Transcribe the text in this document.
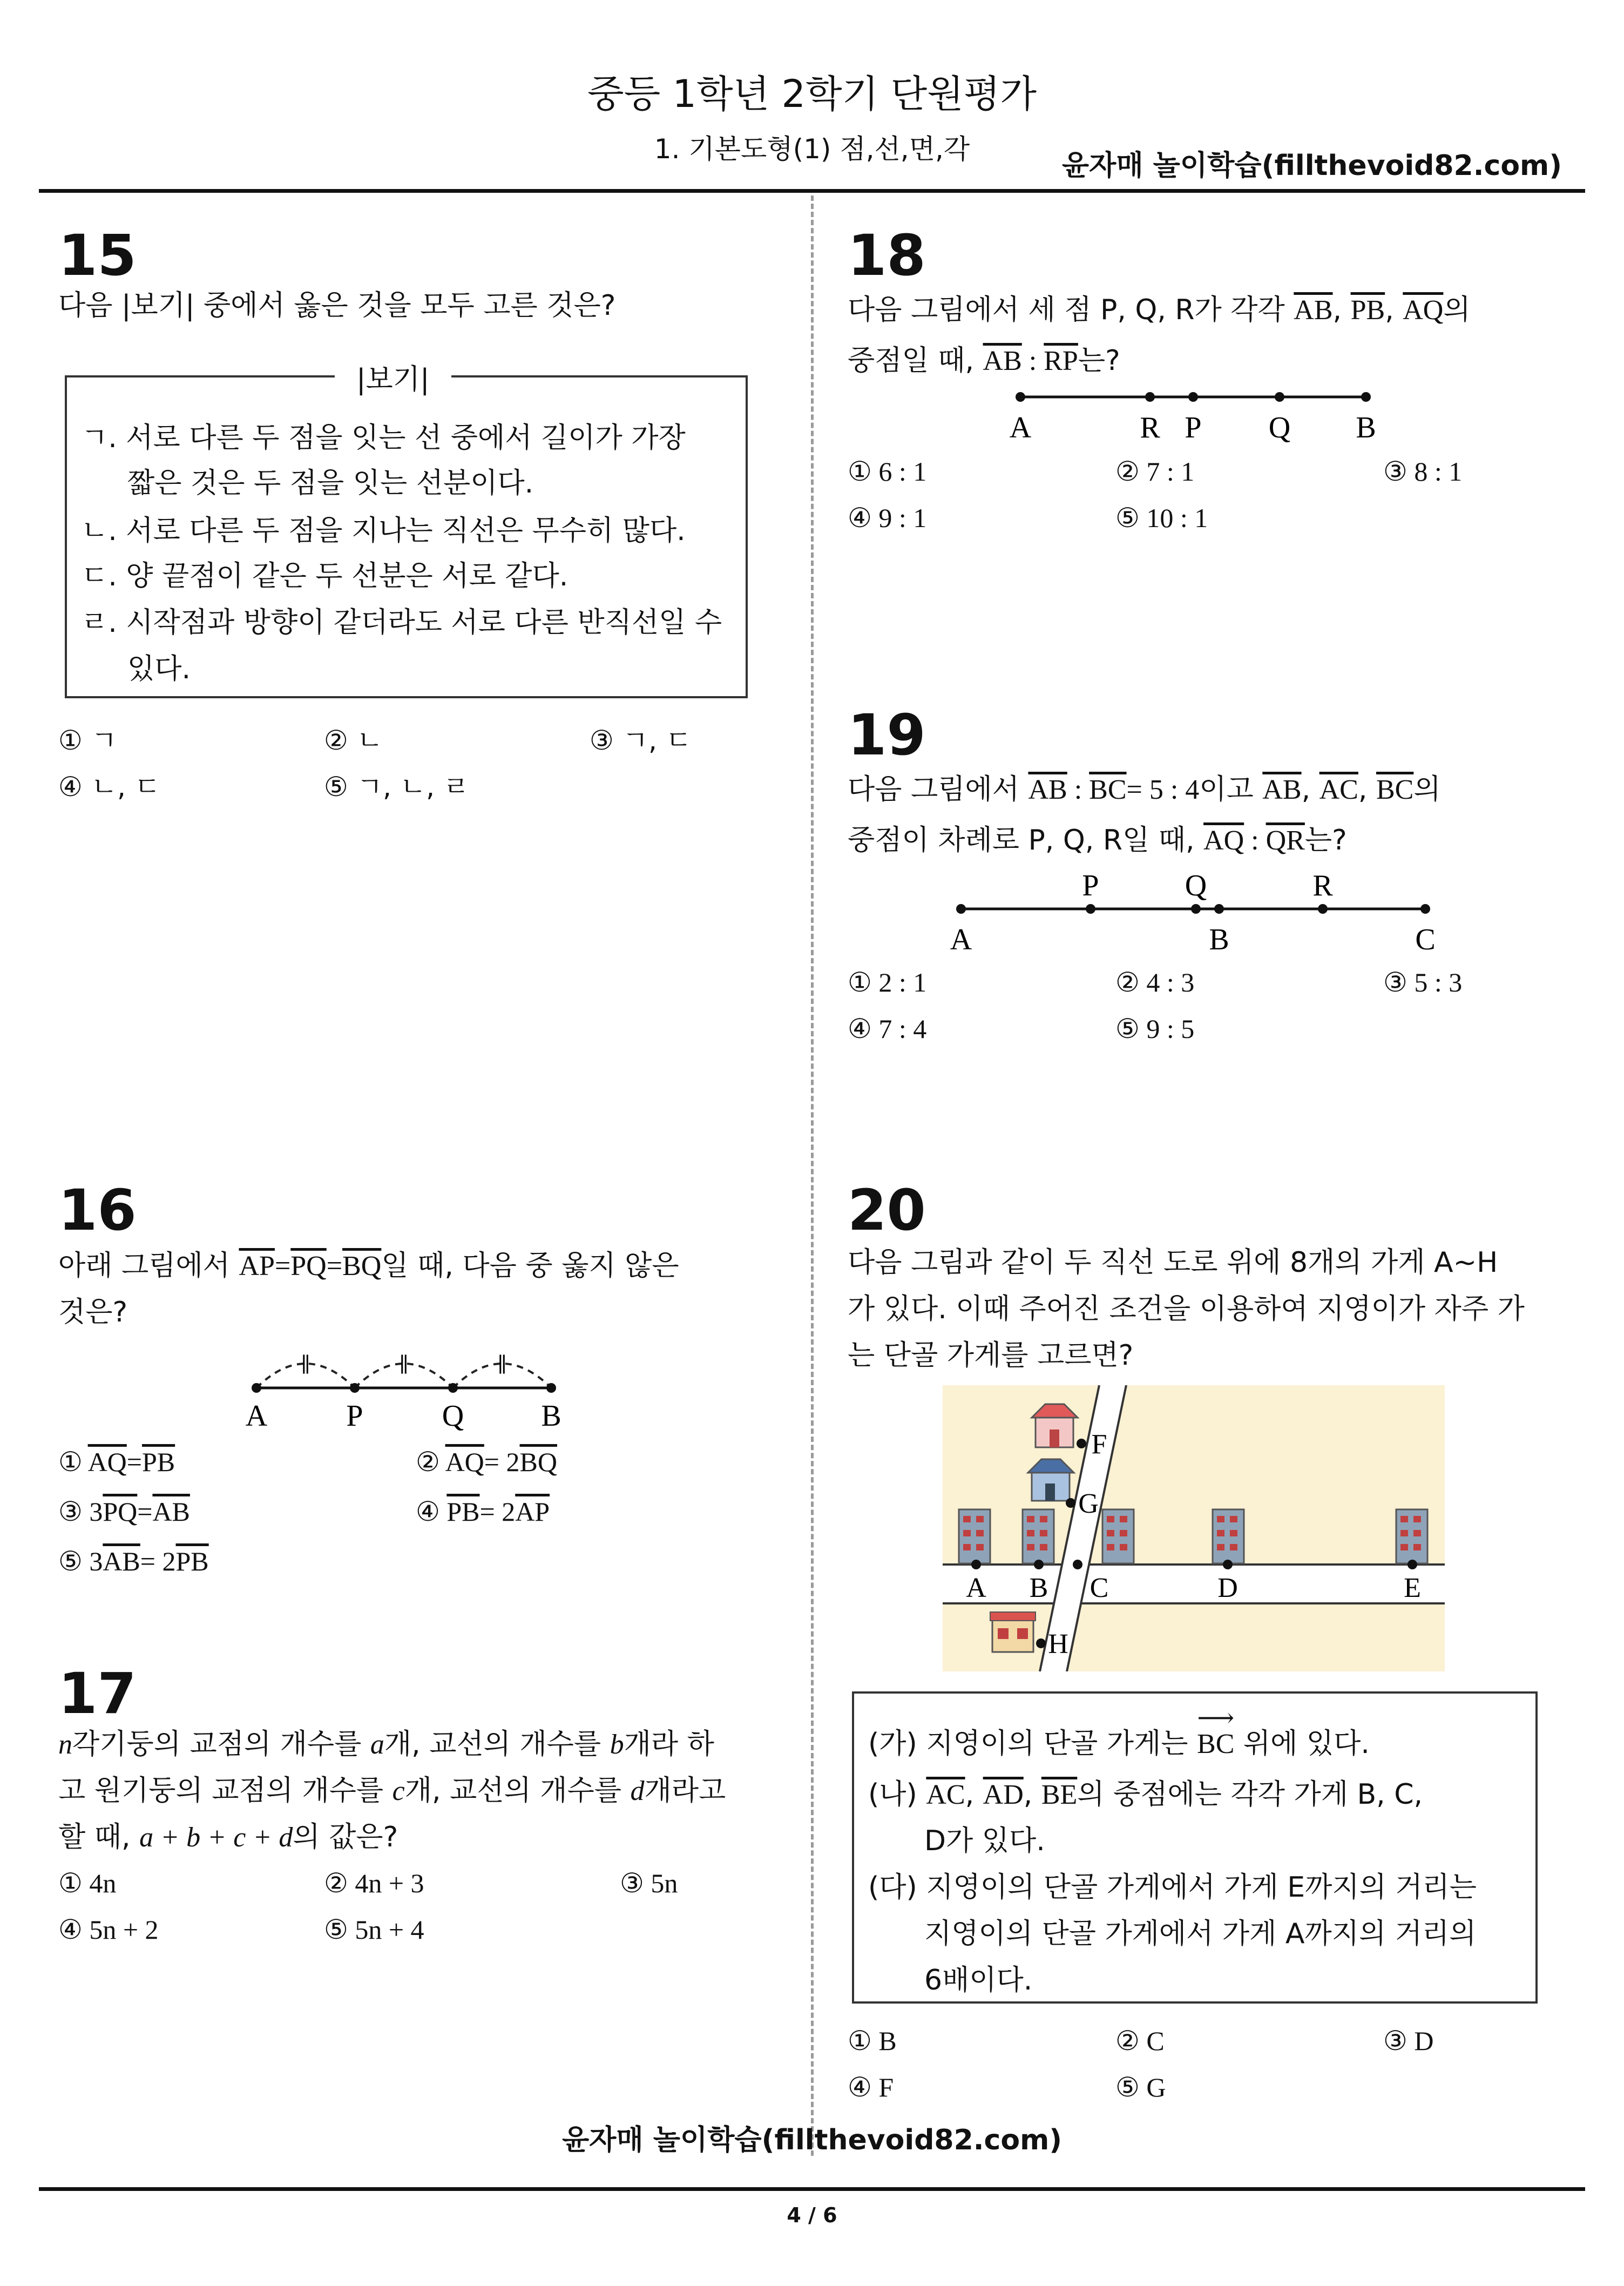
중등 1학년 2학기 단원평가
1. 기본도형(1) 점,선,면,각
윤자매 놀이학습(fillthevoid82.com)
15
다음 |보기| 중에서 옳은 것을 모두 고른 것은?
|보기|
ㄱ. 서로 다른 두 점을 잇는 선 중에서 길이가 가장
짧은 것은 두 점을 잇는 선분이다.
ㄴ. 서로 다른 두 점을 지나는 직선은 무수히 많다.
ㄷ. 양 끝점이 같은 두 선분은 서로 같다.
ㄹ. 시작점과 방향이 같더라도 서로 다른 반직선일 수
있다.
① ㄱ	② ㄴ	③ ㄱ, ㄷ
④ ㄴ, ㄷ	⑤ ㄱ, ㄴ, ㄹ
16
아래 그림에서 $\overline{AP}=\overline{PQ}=\overline{BQ}$일 때, 다음 중 옳지 않은
것은?
∥	∥	∥
A	P	Q	B
① $\overline{AQ}=\overline{PB}$	② $\overline{AQ}= 2\overline{BQ}$
③ $3\overline{PQ}=\overline{AB}$	④ $\overline{PB}= 2\overline{AP}$
⑤ $3\overline{AB}= 2\overline{PB}$
17
n각기둥의 교점의 개수를 a개, 교선의 개수를 b개라 하
고 원기둥의 교점의 개수를 c개, 교선의 개수를 d개라고
할 때, a + b + c + d의 값은?
① 4n	② 4n + 3	③ 5n
④ 5n + 2	⑤ 5n + 4
18
다음 그림에서 세 점 P, Q, R가 각각 $\overline{AB}$, $\overline{PB}$, $\overline{AQ}$의
중점일 때, $\overline{AB}$ : $\overline{RP}$는?
A	R P Q B
① 6 : 1	② 7 : 1	③ 8 : 1
④ 9 : 1	⑤ 10 : 1
19
다음 그림에서 $\overline{AB}$ : $\overline{BC}= 5$ : 4이고 $\overline{AB}$, $\overline{AC}$, $\overline{BC}$의
중점이 차례로 P, Q, R일 때, $\overline{AQ}$ : $\overline{QR}$는?
P	Q	R
A	B	C
① 2 : 1	② 4 : 3	③ 5 : 3
④ 7 : 4	⑤ 9 : 5
20
다음 그림과 같이 두 직선 도로 위에 8개의 가게 A~H
가 있다. 이때 주어진 조건을 이용하여 지영이가 자주 가
는 단골 가게를 고르면?
A B C	D	E
F
G
H
(가) 지영이의 단골 가게는
⟶
BC 위에 있다.
(나) $\overline{AC}$, $\overline{AD}$, $\overline{BE}$의 중점에는 각각 가게 B, C,
D가 있다.
(다) 지영이의 단골 가게에서 가게 E까지의 거리는
지영이의 단골 가게에서 가게 A까지의 거리의
6배이다.
① B	② C	③ D
④ F	⑤ G
윤자매 놀이학습(fillthevoid82.com)
4 / 6
